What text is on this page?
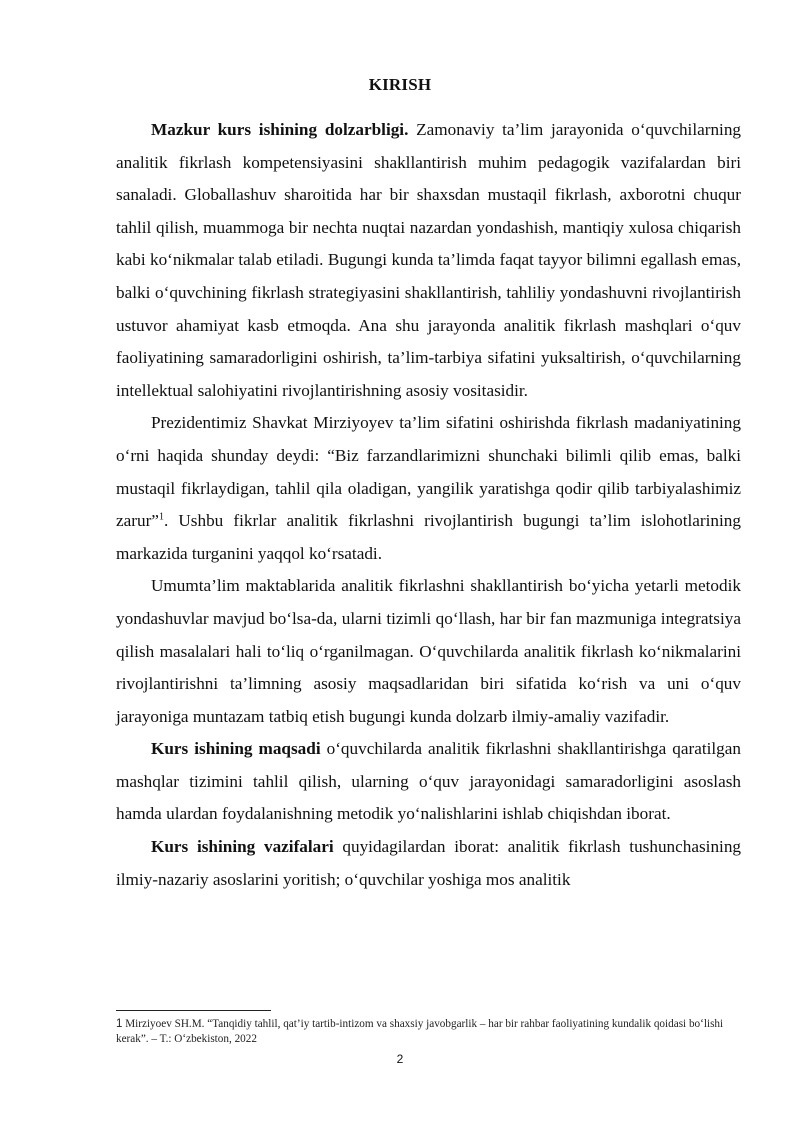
KIRISH

Mazkur kurs ishining dolzarbligi. Zamonaviy ta’lim jarayonida o‘quvchilarning analitik fikrlash kompetensiyasini shakllantirish muhim pedagogik vazifalardan biri sanaladi. Globallashuv sharoitida har bir shaxsdan mustaqil fikrlash, axborotni chuqur tahlil qilish, muammoga bir nechta nuqtai nazardan yondashish, mantiqiy xulosa chiqarish kabi ko‘nikmalar talab etiladi. Bugungi kunda ta’limda faqat tayyor bilimni egallash emas, balki o‘quvchining fikrlash strategiyasini shakllantirish, tahliliy yondashuvni rivojlantirish ustuvor ahamiyat kasb etmoqda. Ana shu jarayonda analitik fikrlash mashqlari o‘quv faoliyatining samaradorligini oshirish, ta’lim-tarbiya sifatini yuksaltirish, o‘quvchilarning intellektual salohiyatini rivojlantirishning asosiy vositasidir.

Prezidentimiz Shavkat Mirziyoyev ta’lim sifatini oshirishda fikrlash madaniyatining o‘rni haqida shunday deydi: “Biz farzandlarimizni shunchaki bilimli qilib emas, balki mustaqil fikrlaydigan, tahlil qila oladigan, yangilik yaratishga qodir qilib tarbiyalashimiz zarur”$^1$. Ushbu fikrlar analitik fikrlashni rivojlantirish bugungi ta’lim islohotlarining markazida turganini yaqqol ko‘rsatadi.

Umumta’lim maktablarida analitik fikrlashni shakllantirish bo‘yicha yetarli metodik yondashuvlar mavjud bo‘lsa-da, ularni tizimli qo‘llash, har bir fan mazmuniga integratsiya qilish masalalari hali to‘liq o‘rganilmagan. O‘quvchilarda analitik fikrlash ko‘nikmalarini rivojlantirishni ta’limning asosiy maqsadlaridan biri sifatida ko‘rish va uni o‘quv jarayoniga muntazam tatbiq etish bugungi kunda dolzarb ilmiy-amaliy vazifadir.

Kurs ishining maqsadi o‘quvchilarda analitik fikrlashni shakllantirishga qaratilgan mashqlar tizimini tahlil qilish, ularning o‘quv jarayonidagi samaradorligini asoslash hamda ulardan foydalanishning metodik yo‘nalishlarini ishlab chiqishdan iborat.

Kurs ishining vazifalari quyidagilardan iborat: analitik fikrlash tushunchasining ilmiy-nazariy asoslarini yoritish; o‘quvchilar yoshiga mos analitik

1 Mirziyoev SH.M. “Tanqidiy tahlil, qat’iy tartib-intizom va shaxsiy javobgarlik – har bir rahbar faoliyatining kundalik qoidasi bo‘lishi kerak”. – T.: O‘zbekiston, 2022
2
